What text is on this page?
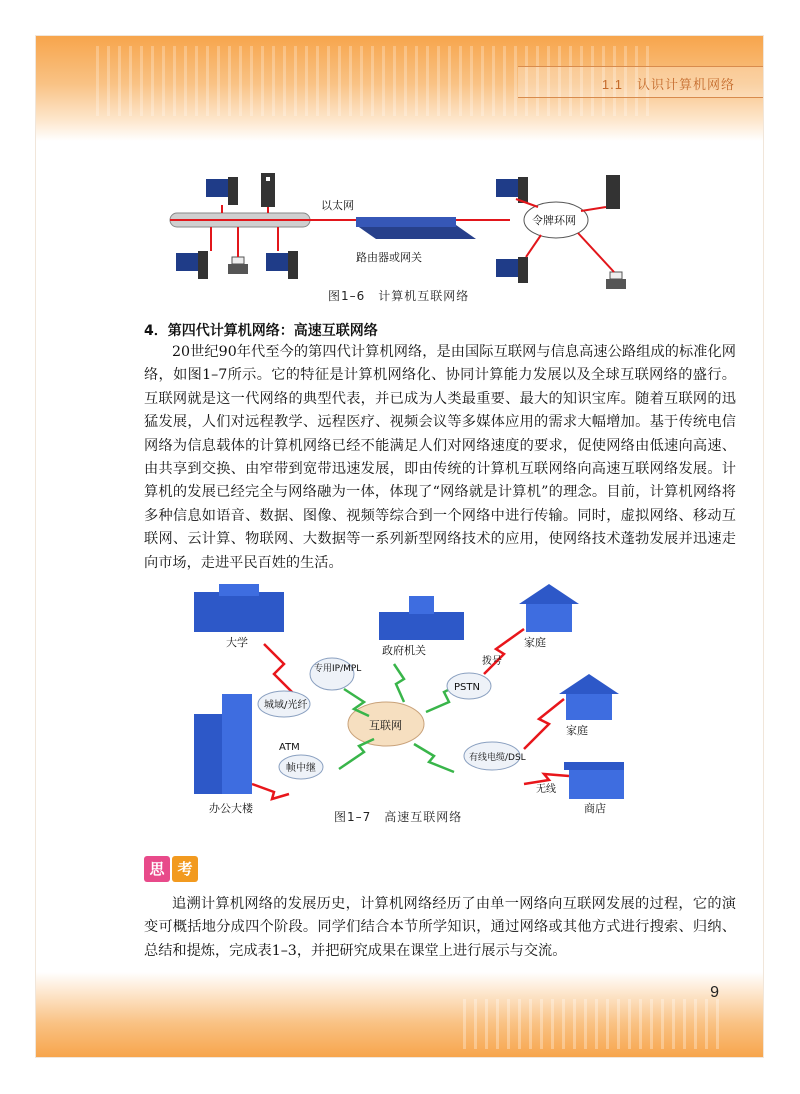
1.1　认识计算机网络
以太网
路由器或网关
令牌环网
图1–6　计算机互联网络
4．第四代计算机网络：高速互联网络
20世纪90年代至今的第四代计算机网络，是由国际互联网与信息高速公路组成的标准化网络，如图1–7所示。它的特征是计算机网络化、协同计算能力发展以及全球互联网络的盛行。互联网就是这一代网络的典型代表，并已成为人类最重要、最大的知识宝库。随着互联网的迅猛发展，人们对远程教学、远程医疗、视频会议等多媒体应用的需求大幅增加。基于传统电信网络为信息载体的计算机网络已经不能满足人们对网络速度的要求，促使网络由低速向高速、由共享到交换、由窄带到宽带迅速发展，即由传统的计算机互联网络向高速互联网络发展。计算机的发展已经完全与网络融为一体，体现了“网络就是计算机”的理念。目前，计算机网络将多种信息如语音、数据、图像、视频等综合到一个网络中进行传输。同时，虚拟网络、移动互联网、云计算、物联网、大数据等一系列新型网络技术的应用，使网络技术蓬勃发展并迅速走向市场，走进平民百姓的生活。
互联网
大学
政府机关
家庭
家庭
办公大楼	商店
专用IP/MPL
城域/光纤
帧中继
ATM
PSTN
拨号
有线电缆/DSL
无线
图1–7　高速互联网络
思 考
追溯计算机网络的发展历史，计算机网络经历了由单一网络向互联网发展的过程，它的演变可概括地分成四个阶段。同学们结合本节所学知识，通过网络或其他方式进行搜索、归纳、总结和提炼，完成表1–3，并把研究成果在课堂上进行展示与交流。
9
